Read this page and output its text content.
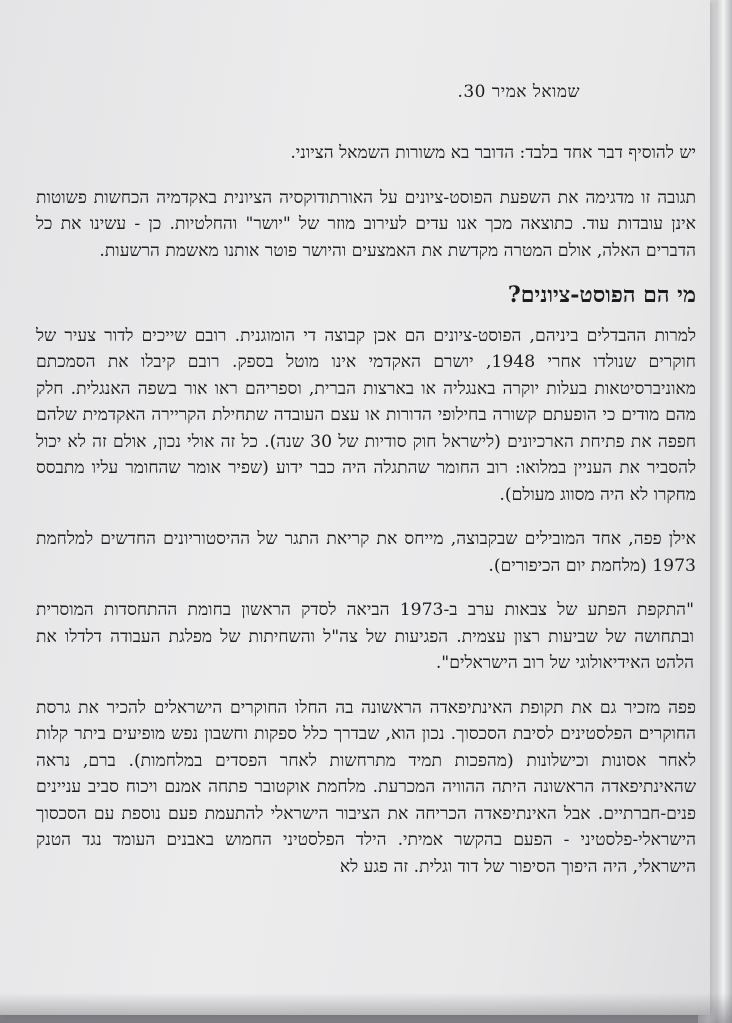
שמואל אמיר 30.

יש להוסיף דבר אחד בלבד: הדובר בא משורות השמאל הציוני.

תגובה זו מדגימה את השפעת הפוסט-ציונים על האורתודוקסיה הציונית באקדמיה הכחשות פשוטות אינן עובדות עוד. כתוצאה מכך אנו עדים לעירוב מוזר של "יושר" והחלטיות. כן - עשינו את כל הדברים האלה, אולם המטרה מקדשת את האמצעים והיושר פוטר אותנו מאשמת הרשעות.

מי הם הפוסט-ציונים?

למרות ההבדלים ביניהם, הפוסט-ציונים הם אכן קבוצה די הומוגנית. רובם שייכים לדור צעיר של חוקרים שנולדו אחרי 1948, יושרם האקדמי אינו מוטל בספק. רובם קיבלו את הסמכתם מאוניברסיטאות בעלות יוקרה באנגליה או בארצות הברית, וספריהם ראו אור בשפה האנגלית. חלק מהם מודים כי הופעתם קשורה בחילופי הדורות או עצם העובדה שתחילת הקריירה האקדמית שלהם חפפה את פתיחת הארכיונים (לישראל חוק סודיות של 30 שנה). כל זה אולי נכון, אולם זה לא יכול להסביר את העניין במלואו: רוב החומר שהתגלה היה כבר ידוע (שפיר אומר שהחומר עליו מתבסס מחקרו לא היה מסווג מעולם).

אילן פפה, אחד המובילים שבקבוצה, מייחס את קריאת התגר של ההיסטוריונים החדשים למלחמת 1973 (מלחמת יום הכיפורים).

"התקפת הפתע של צבאות ערב ב-1973 הביאה לסדק הראשון בחומת ההתחסדות המוסרית ובתחושה של שביעות רצון עצמית. הפגיעות של צה"ל והשחיתות של מפלגת העבודה דלדלו את הלהט האידיאולוגי של רוב הישראלים".

פפה מזכיר גם את תקופת האינתיפאדה הראשונה בה החלו החוקרים הישראלים להכיר את גרסת החוקרים הפלסטינים לסיבת הסכסוך. נכון הוא, שבדרך כלל ספקות וחשבון נפש מופיעים ביתר קלות לאחר אסונות וכישלונות (מהפכות תמיד מתרחשות לאחר הפסדים במלחמות). ברם, נראה שהאינתיפאדה הראשונה היתה ההוויה המכרעת. מלחמת אוקטובר פתחה אמנם ויכוח סביב עניינים פנים-חברתיים. אבל האינתיפאדה הכריחה את הציבור הישראלי להתעמת פעם נוספת עם הסכסוך הישראלי-פלסטיני - הפעם בהקשר אמיתי. הילד הפלסטיני החמוש באבנים העומד נגד הטנק הישראלי, היה היפוך הסיפור של דוד וגלית. זה פגע לא
